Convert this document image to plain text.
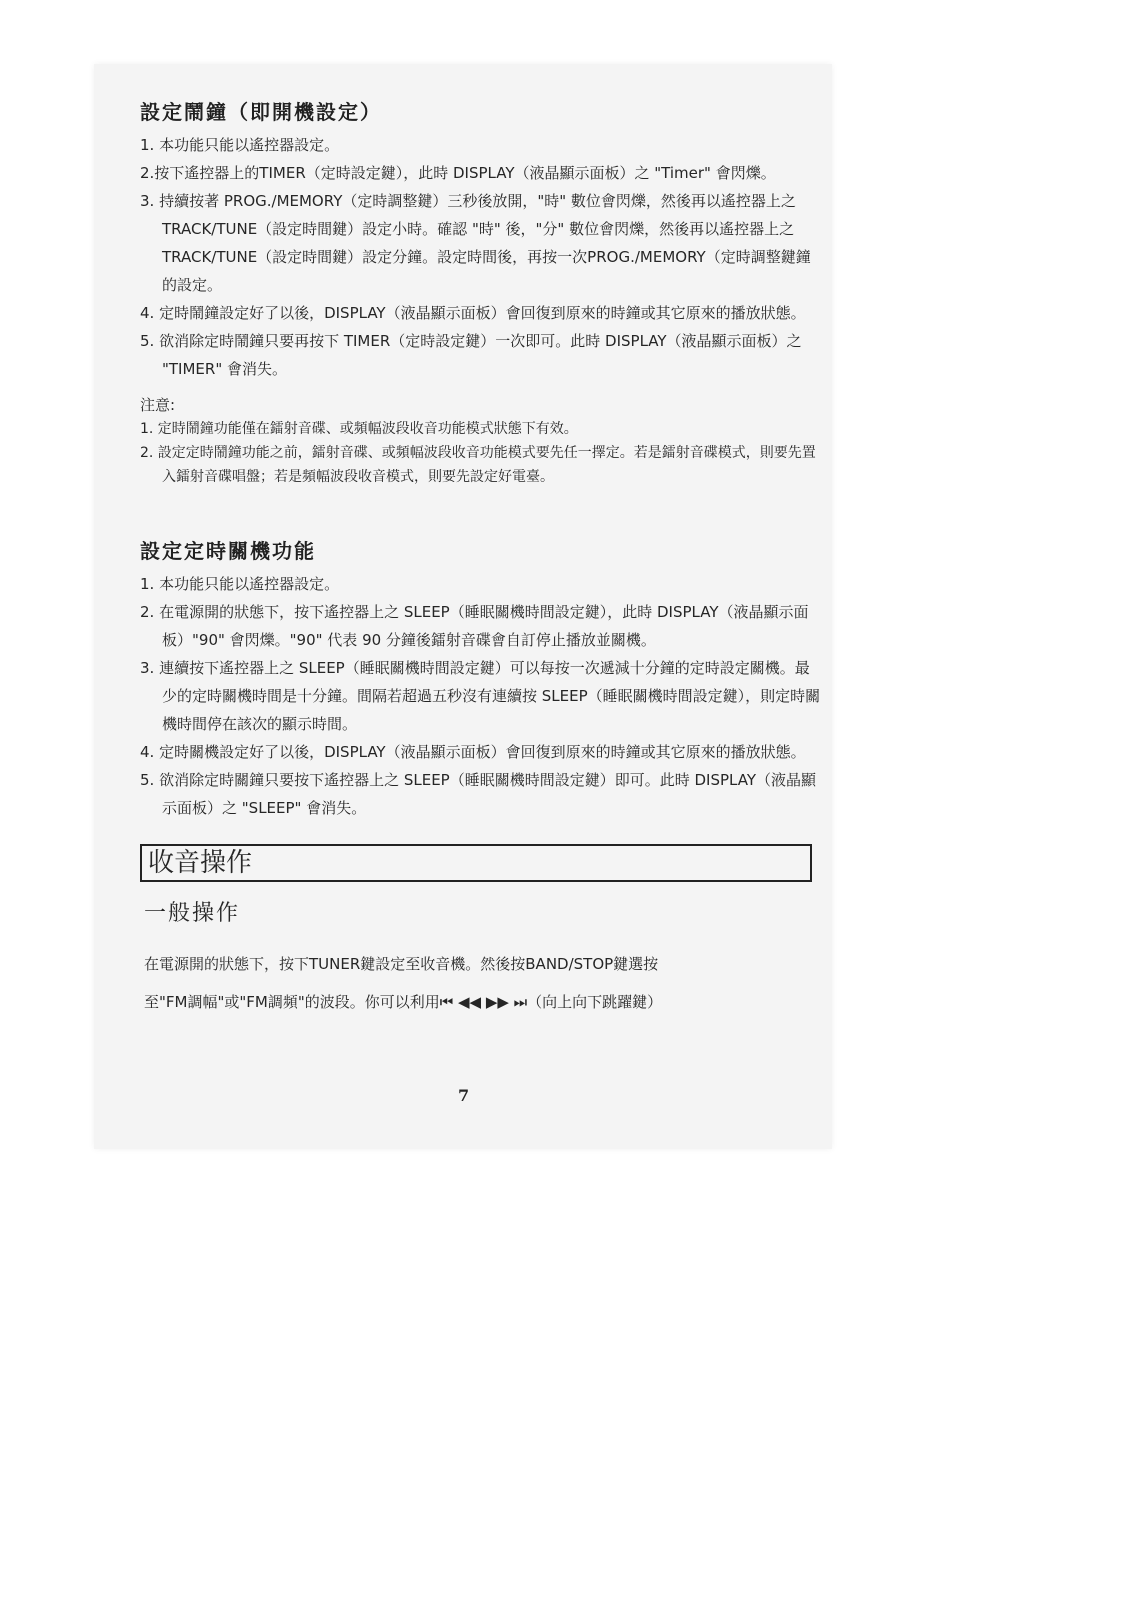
設定鬧鐘（即開機設定）

1. 本功能只能以遙控器設定。

2.按下遙控器上的TIMER（定時設定鍵），此時 DISPLAY（液晶顯示面板）之 "Timer" 會閃爍。

3. 持續按著 PROG./MEMORY（定時調整鍵）三秒後放開，"時" 數位會閃爍，然後再以遙控器上之 TRACK/TUNE（設定時間鍵）設定小時。確認 "時" 後，"分" 數位會閃爍，然後再以遙控器上之 TRACK/TUNE（設定時間鍵）設定分鐘。設定時間後，再按一次PROG./MEMORY（定時調整鍵鐘的設定。

4. 定時鬧鐘設定好了以後，DISPLAY（液晶顯示面板）會回復到原來的時鐘或其它原來的播放狀態。

5. 欲消除定時鬧鐘只要再按下 TIMER（定時設定鍵）一次即可。此時 DISPLAY（液晶顯示面板）之 "TIMER" 會消失。

注意:

1. 定時鬧鐘功能僅在鐳射音碟、或頻幅波段收音功能模式狀態下有效。

2. 設定定時鬧鐘功能之前，鐳射音碟、或頻幅波段收音功能模式要先任一擇定。若是鐳射音碟模式，則要先置入鐳射音碟唱盤；若是頻幅波段收音模式，則要先設定好電臺。

設定定時關機功能

1. 本功能只能以遙控器設定。

2. 在電源開的狀態下，按下遙控器上之 SLEEP（睡眠關機時間設定鍵），此時 DISPLAY（液晶顯示面板）"90" 會閃爍。"90" 代表 90 分鐘後鐳射音碟會自訂停止播放並關機。

3. 連續按下遙控器上之 SLEEP（睡眠關機時間設定鍵）可以每按一次遞減十分鐘的定時設定關機。最少的定時關機時間是十分鐘。間隔若超過五秒沒有連續按 SLEEP（睡眠關機時間設定鍵），則定時關機時間停在該次的顯示時間。

4. 定時關機設定好了以後，DISPLAY（液晶顯示面板）會回復到原來的時鐘或其它原來的播放狀態。

5. 欲消除定時關鐘只要按下遙控器上之 SLEEP（睡眠關機時間設定鍵）即可。此時 DISPLAY（液晶顯示面板）之 "SLEEP" 會消失。

收音操作
一般操作

在電源開的狀態下，按下TUNER鍵設定至收音機。然後按BAND/STOP鍵選按

至"FM調幅"或"FM調頻"的波段。你可以利用⏮ ◀◀ ▶▶ ⏭（向上向下跳躍鍵）

7
